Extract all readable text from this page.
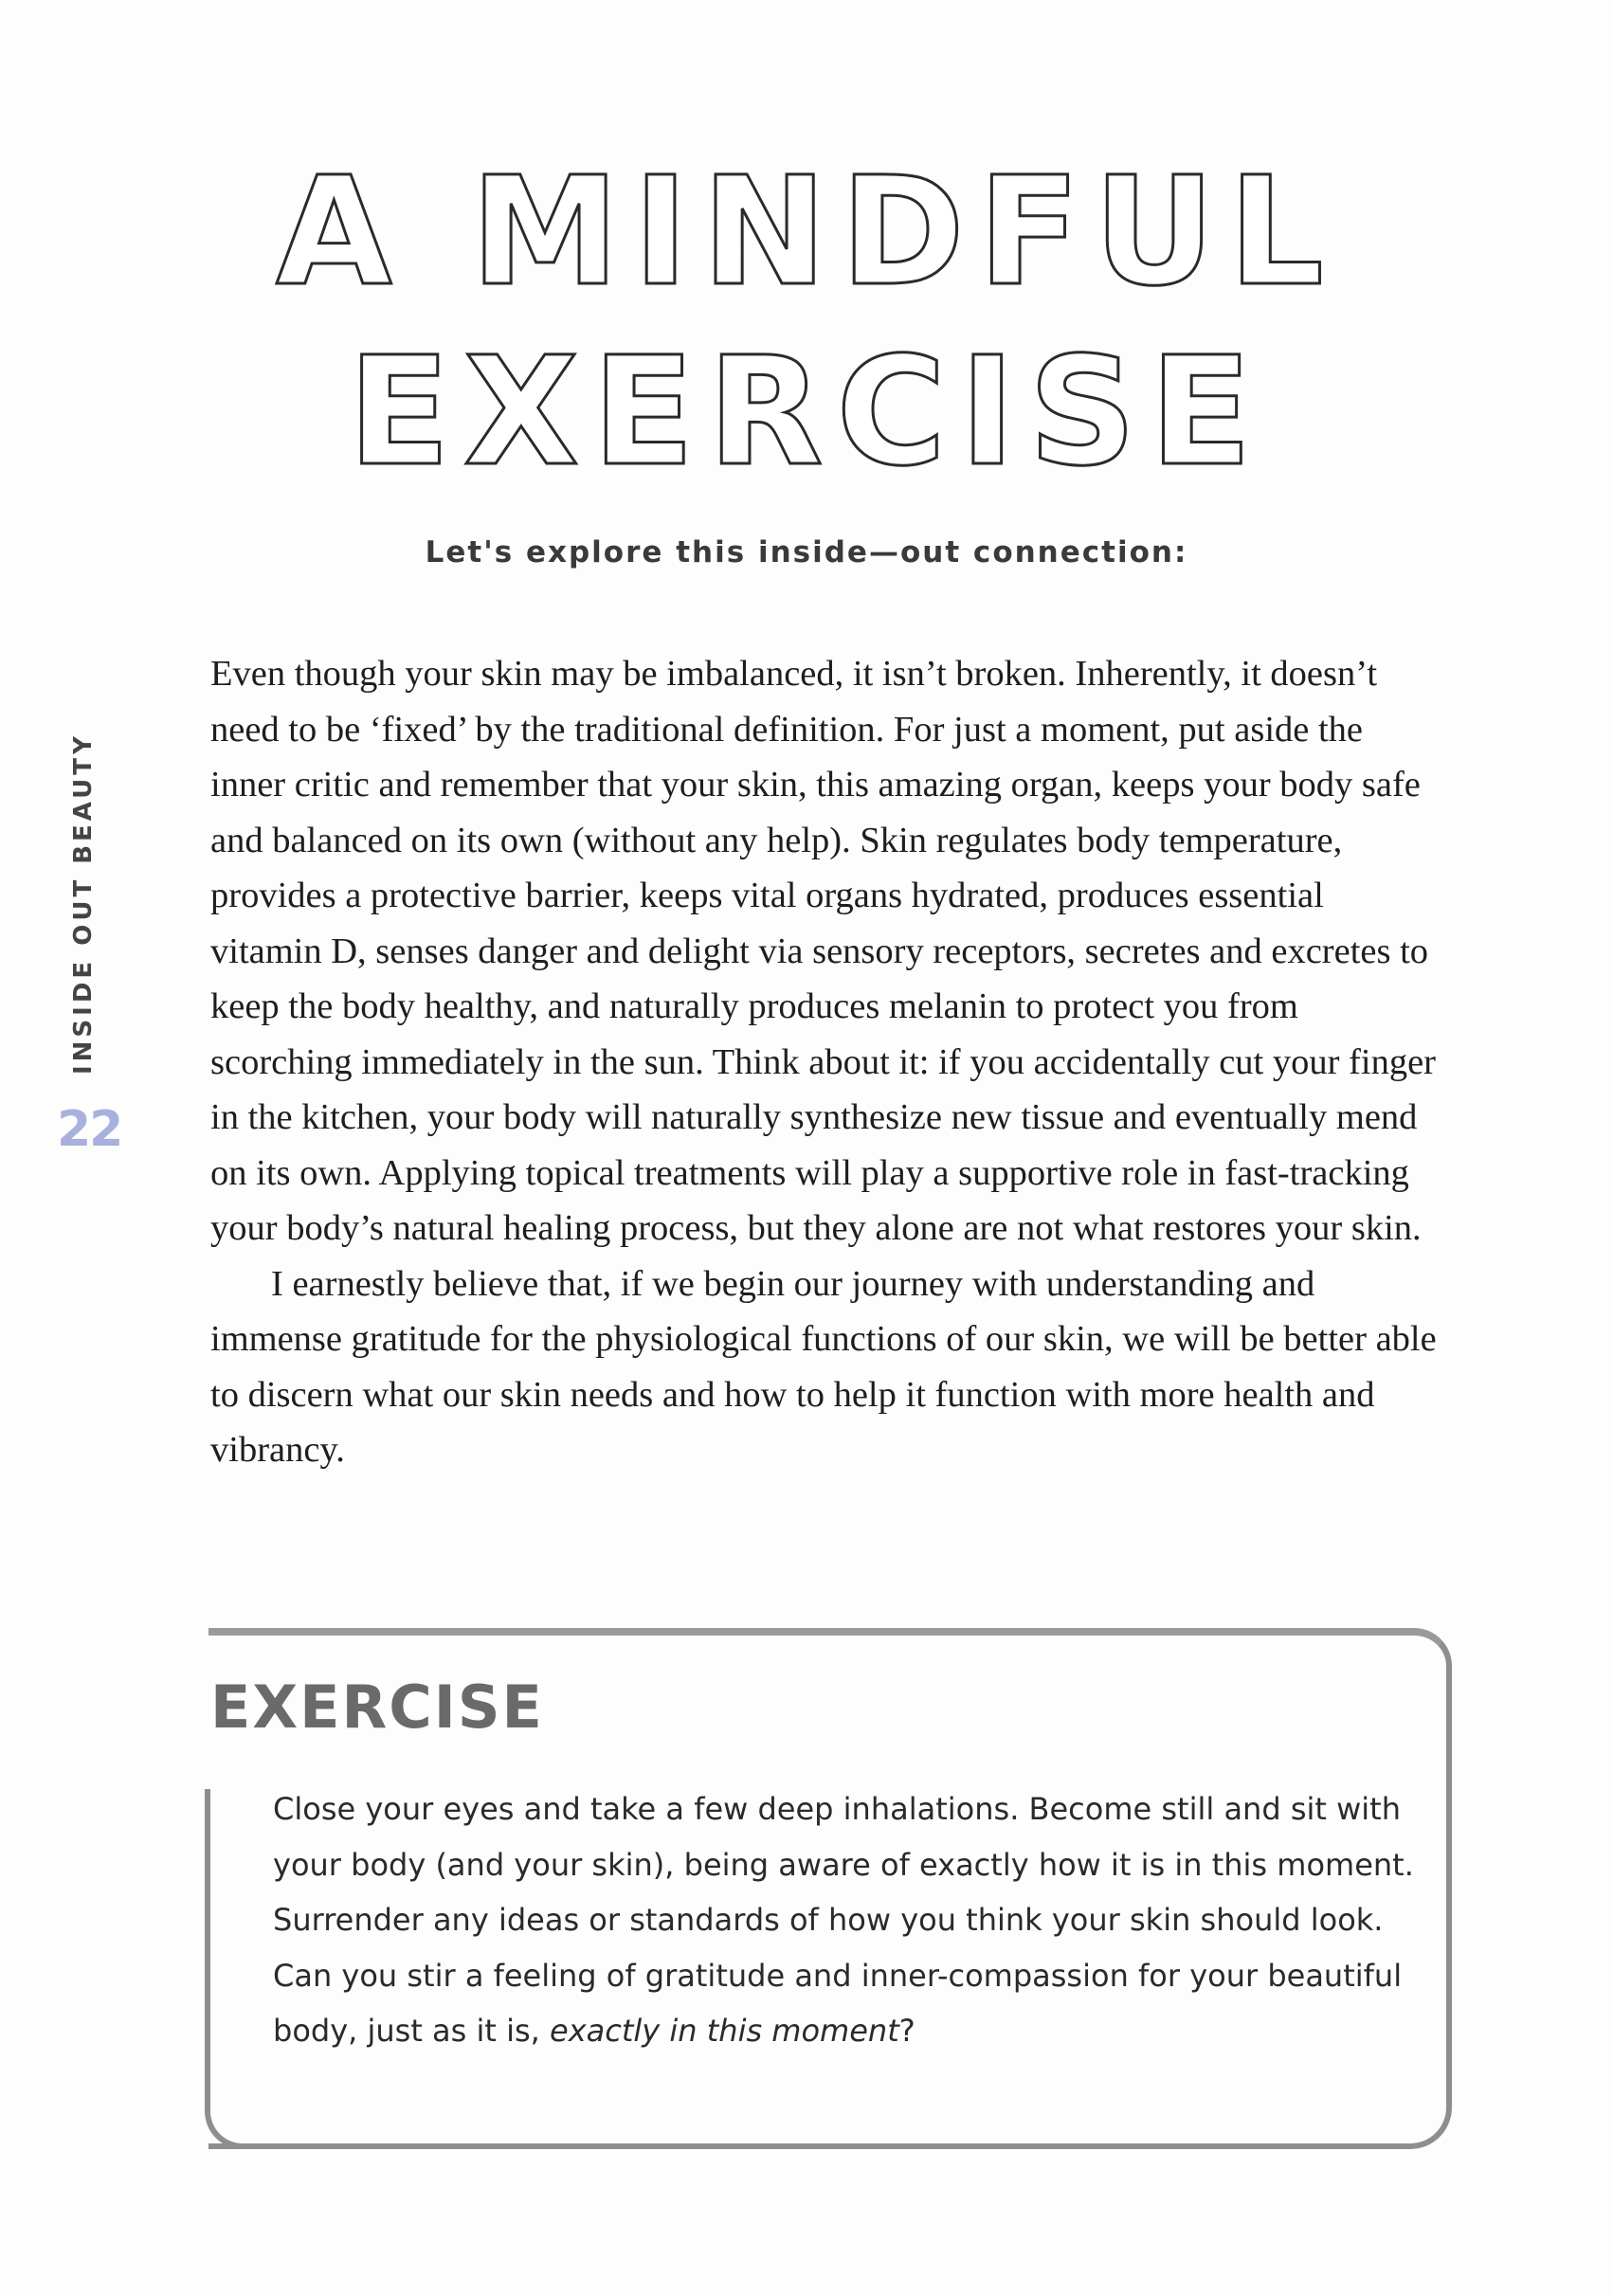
A MINDFUL
EXERCISE
Let's explore this inside—out connection:
INSIDE OUT BEAUTY
22

Even though your skin may be imbalanced, it isn’t broken. Inherently, it doesn’t need to be ‘fixed’ by the traditional definition. For just a moment, put aside the inner critic and remember that your skin, this amazing organ, keeps your body safe and balanced on its own (without any help). Skin regulates body temperature, provides a protective barrier, keeps vital organs hydrated, produces essential vitamin D, senses danger and delight via sensory receptors, secretes and excretes to keep the body healthy, and naturally produces melanin to protect you from scorching immediately in the sun. Think about it: if you accidentally cut your finger in the kitchen, your body will naturally synthesize new tissue and eventually mend on its own. Applying topical treatments will play a supportive role in fast-tracking your body’s natural healing process, but they alone are not what restores your skin.

I earnestly believe that, if we begin our journey with understanding and immense gratitude for the physiological functions of our skin, we will be better able to discern what our skin needs and how to help it function with more health and vibrancy.

EXERCISE
Close your eyes and take a few deep inhalations. Become still and sit with your body (and your skin), being aware of exactly how it is in this moment. Surrender any ideas or standards of how you think your skin should look. Can you stir a feeling of gratitude and inner-compassion for your beautiful body, just as it is, exactly in this moment?
